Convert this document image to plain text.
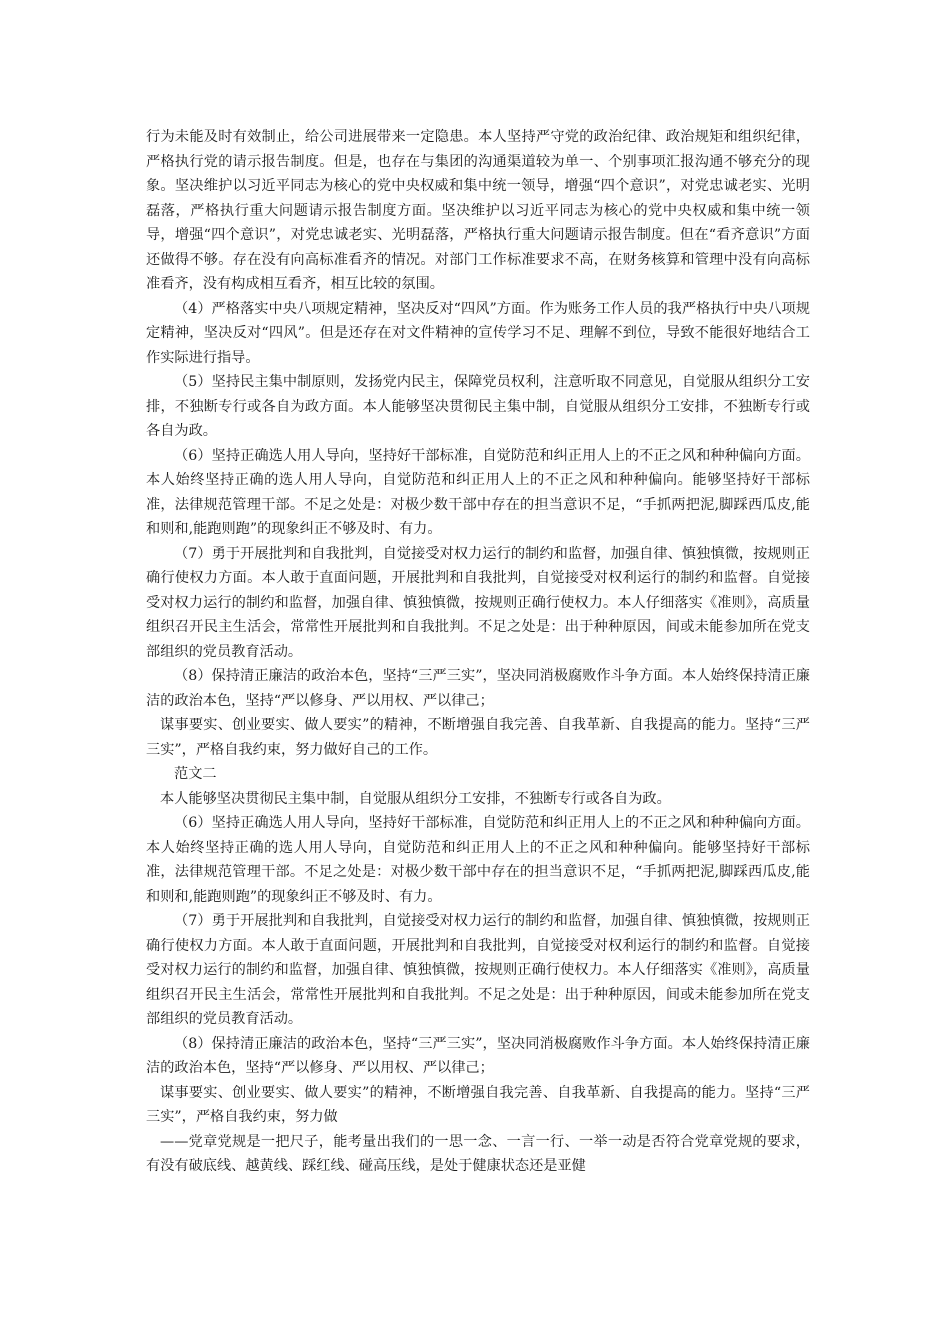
行为未能及时有效制止，给公司进展带来一定隐患。本人坚持严守党的政治纪律、政治规矩和组织纪律，严格执行党的请示报告制度。但是，也存在与集团的沟通渠道较为单一、个别事项汇报沟通不够充分的现象。坚决维护以习近平同志为核心的党中央权威和集中统一领导，增强“四个意识”，对党忠诚老实、光明磊落，严格执行重大问题请示报告制度方面。坚决维护以习近平同志为核心的党中央权威和集中统一领导，增强“四个意识”，对党忠诚老实、光明磊落，严格执行重大问题请示报告制度。但在“看齐意识”方面还做得不够。存在没有向高标准看齐的情况。对部门工作标准要求不高，在财务核算和管理中没有向高标准看齐，没有构成相互看齐，相互比较的氛围。

（4）严格落实中央八项规定精神，坚决反对“四风”方面。作为账务工作人员的我严格执行中央八项规定精神，坚决反对“四风”。但是还存在对文件精神的宣传学习不足、理解不到位，导致不能很好地结合工作实际进行指导。

（5）坚持民主集中制原则，发扬党内民主，保障党员权利，注意听取不同意见，自觉服从组织分工安排，不独断专行或各自为政方面。本人能够坚决贯彻民主集中制，自觉服从组织分工安排，不独断专行或各自为政。

（6）坚持正确选人用人导向，坚持好干部标准，自觉防范和纠正用人上的不正之风和种种偏向方面。本人始终坚持正确的选人用人导向，自觉防范和纠正用人上的不正之风和种种偏向。能够坚持好干部标准，法律规范管理干部。不足之处是：对极少数干部中存在的担当意识不足，“手抓两把泥,脚踩西瓜皮,能和则和,能跑则跑”的现象纠正不够及时、有力。

（7）勇于开展批判和自我批判，自觉接受对权力运行的制约和监督，加强自律、慎独慎微，按规则正确行使权力方面。本人敢于直面问题，开展批判和自我批判，自觉接受对权利运行的制约和监督。自觉接受对权力运行的制约和监督，加强自律、慎独慎微，按规则正确行使权力。本人仔细落实《准则》，高质量组织召开民主生活会，常常性开展批判和自我批判。不足之处是：出于种种原因，间或未能参加所在党支部组织的党员教育活动。

（8）保持清正廉洁的政治本色，坚持“三严三实”，坚决同消极腐败作斗争方面。本人始终保持清正廉洁的政治本色，坚持“严以修身、严以用权、严以律己；

谋事要实、创业要实、做人要实”的精神，不断增强自我完善、自我革新、自我提高的能力。坚持“三严三实”，严格自我约束，努力做好自己的工作。

范文二

本人能够坚决贯彻民主集中制，自觉服从组织分工安排，不独断专行或各自为政。

（6）坚持正确选人用人导向，坚持好干部标准，自觉防范和纠正用人上的不正之风和种种偏向方面。本人始终坚持正确的选人用人导向，自觉防范和纠正用人上的不正之风和种种偏向。能够坚持好干部标准，法律规范管理干部。不足之处是：对极少数干部中存在的担当意识不足，“手抓两把泥,脚踩西瓜皮,能和则和,能跑则跑”的现象纠正不够及时、有力。

（7）勇于开展批判和自我批判，自觉接受对权力运行的制约和监督，加强自律、慎独慎微，按规则正确行使权力方面。本人敢于直面问题，开展批判和自我批判，自觉接受对权利运行的制约和监督。自觉接受对权力运行的制约和监督，加强自律、慎独慎微，按规则正确行使权力。本人仔细落实《准则》，高质量组织召开民主生活会，常常性开展批判和自我批判。不足之处是：出于种种原因，间或未能参加所在党支部组织的党员教育活动。

（8）保持清正廉洁的政治本色，坚持“三严三实”，坚决同消极腐败作斗争方面。本人始终保持清正廉洁的政治本色，坚持“严以修身、严以用权、严以律己；

谋事要实、创业要实、做人要实”的精神，不断增强自我完善、自我革新、自我提高的能力。坚持“三严三实”，严格自我约束，努力做

——党章党规是一把尺子，能考量出我们的一思一念、一言一行、一举一动是否符合党章党规的要求，有没有破底线、越黄线、踩红线、碰高压线，是处于健康状态还是亚健
